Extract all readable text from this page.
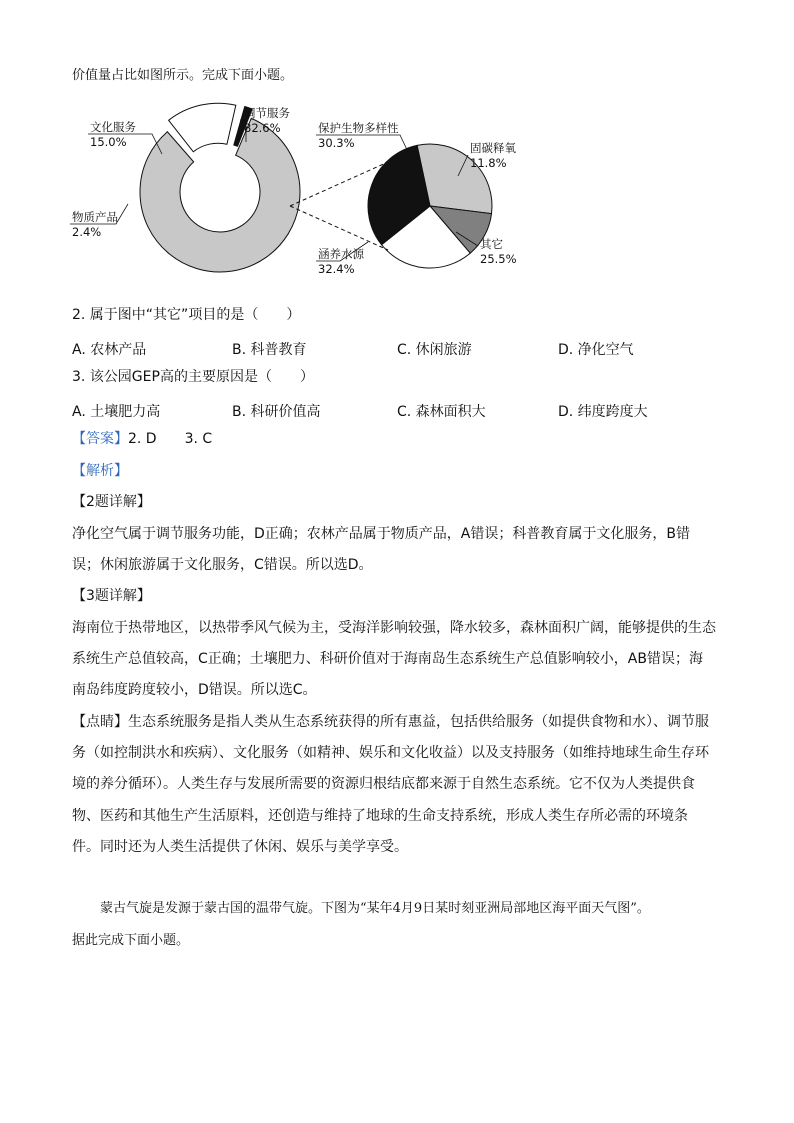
价值量占比如图所示。完成下面小题。
调节服务
82.6%
文化服务
15.0%
物质产品
2.4%
保护生物多样性
30.3%	固碳释氧
11.8%
其它
25.5%
涵养水源
32.4%
2. 属于图中“其它”项目的是（　　）
A. 农林产品	B. 科普教育	C. 休闲旅游	D. 净化空气
3. 该公园GEP高的主要原因是（　　）
A. 土壤肥力高	B. 科研价值高	C. 森林面积大	D. 纬度跨度大
【答案】2. D　　3. C
【解析】
【2题详解】
净化空气属于调节服务功能，D正确；农林产品属于物质产品，A错误；科普教育属于文化服务，B错
误；休闲旅游属于文化服务，C错误。所以选D。
【3题详解】
海南位于热带地区，以热带季风气候为主，受海洋影响较强，降水较多，森林面积广阔，能够提供的生态
系统生产总值较高，C正确；土壤肥力、科研价值对于海南岛生态系统生产总值影响较小，AB错误；海
南岛纬度跨度较小，D错误。所以选C。
【点睛】生态系统服务是指人类从生态系统获得的所有惠益，包括供给服务（如提供食物和水）、调节服
务（如控制洪水和疾病）、文化服务（如精神、娱乐和文化收益）以及支持服务（如维持地球生命生存环
境的养分循环）。人类生存与发展所需要的资源归根结底都来源于自然生态系统。它不仅为人类提供食
物、医药和其他生产生活原料，还创造与维持了地球的生命支持系统，形成人类生存所必需的环境条
件。同时还为人类生活提供了休闲、娱乐与美学享受。
蒙古气旋是发源于蒙古国的温带气旋。下图为“某年4月9日某时刻亚洲局部地区海平面天气图”。
据此完成下面小题。
